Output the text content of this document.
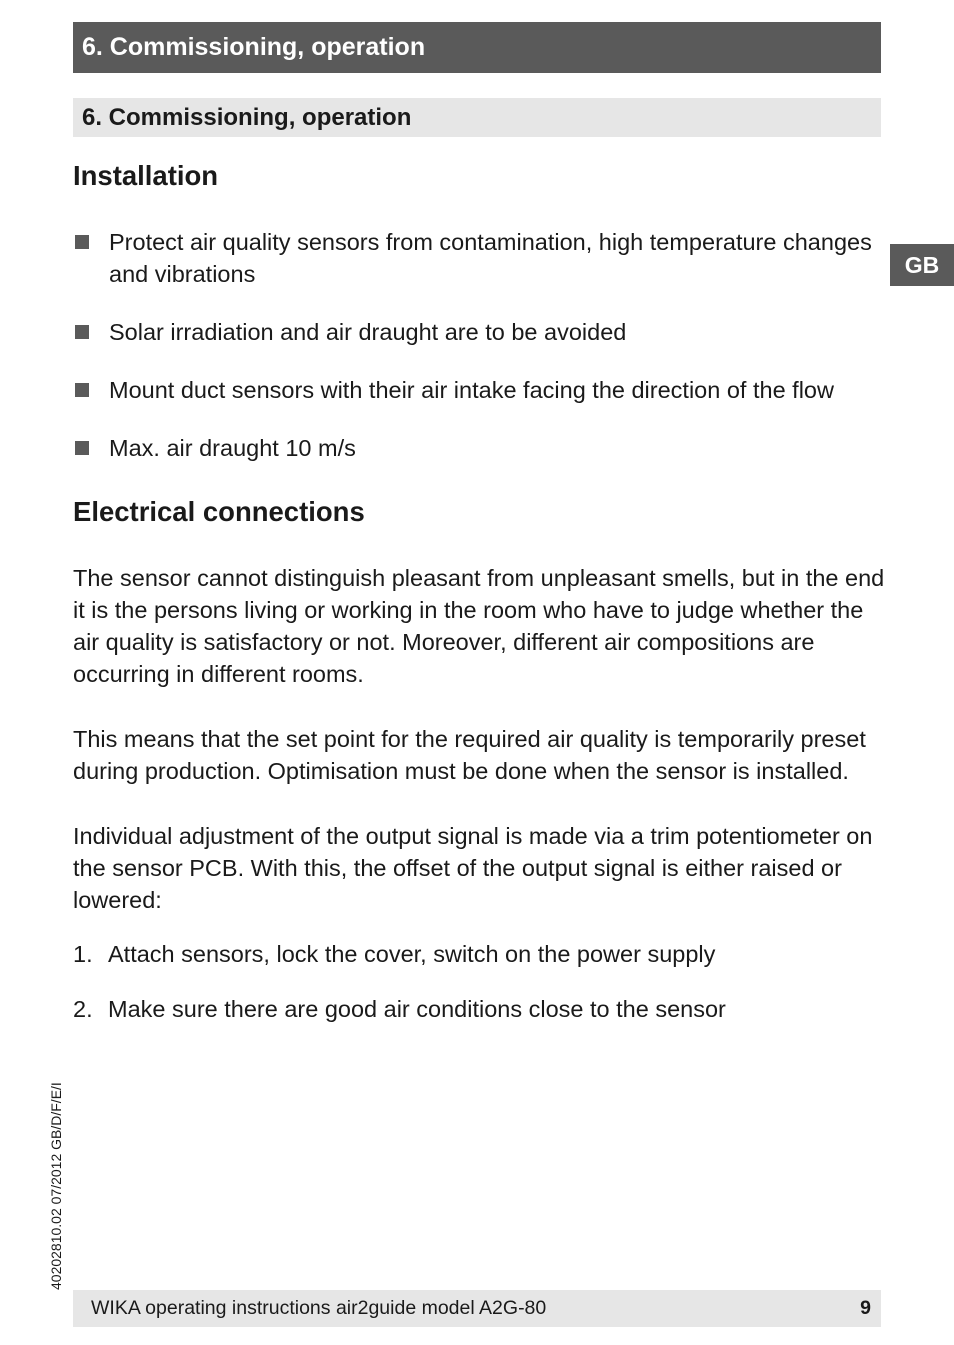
6. Commissioning, operation
6. Commissioning, operation
GB
Installation
Protect air quality sensors from contamination, high temperature changes and vibrations
Solar irradiation and air draught are to be avoided
Mount duct sensors with their air intake facing the direction of the flow
Max. air draught 10 m/s
Electrical connections

The sensor cannot distinguish pleasant from unpleasant smells, but in the end it is the persons living or working in the room who have to judge whether the air quality is satisfactory or not. Moreover, different air compositions are occurring in different rooms.

This means that the set point for the required air quality is temporarily preset during production. Optimisation must be done when the sensor is installed.

Individual adjustment of the output signal is made via a trim potentiometer on the sensor PCB. With this, the offset of the output signal is either raised or lowered:

1. Attach sensors, lock the cover, switch on the power supply
2. Make sure there are good air conditions close to the sensor
40202810.02 07/2012 GB/D/F/E/I
WIKA operating instructions air2guide model A2G-80	9
